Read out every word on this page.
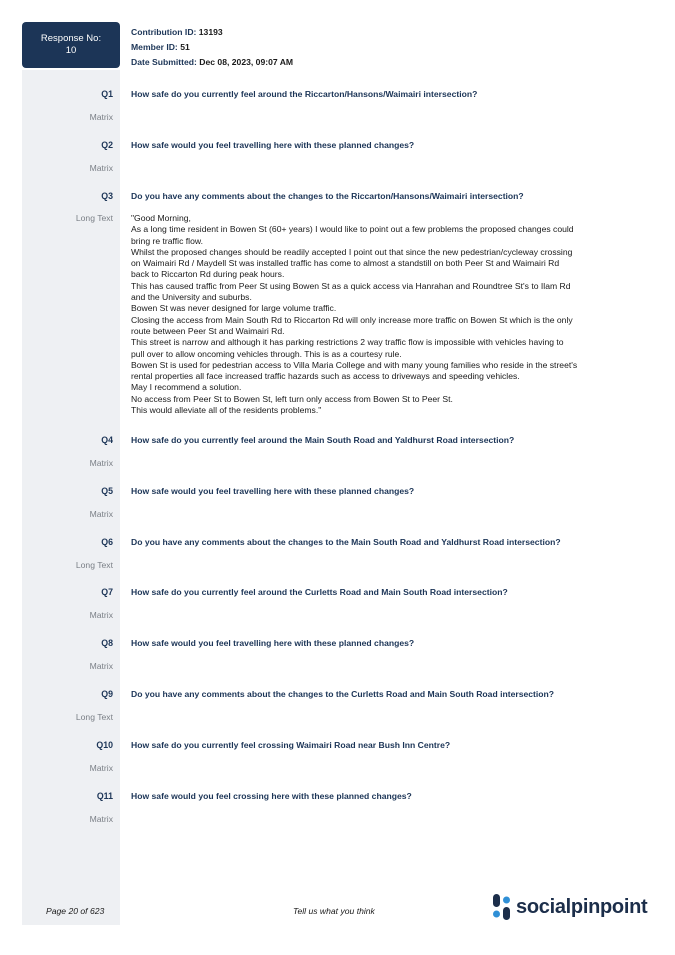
Response No:
10
Contribution ID: 13193
Member ID: 51
Date Submitted: Dec 08, 2023, 09:07 AM
Q1 How safe do you currently feel around the Riccarton/Hansons/Waimairi intersection?
Matrix
Q2 How safe would you feel travelling here with these planned changes?
Matrix
Q3 Do you have any comments about the changes to the Riccarton/Hansons/Waimairi intersection?
Long Text "Good Morning,
As a long time resident in Bowen St (60+ years) I would like to point out a few problems the proposed changes could
bring re traffic flow.
Whilst the proposed changes should be readily accepted I point out that since the new pedestrian/cycleway crossing
on Waimairi Rd / Maydell St was installed traffic has come to almost a standstill on both Peer St and Waimairi Rd
back to Riccarton Rd during peak hours.
This has caused traffic from Peer St using Bowen St as a quick access via Hanrahan and Roundtree St's to Ilam Rd
and the University and suburbs.
Bowen St was never designed for large volume traffic.
Closing the access from Main South Rd to Riccarton Rd will only increase more traffic on Bowen St which is the only
route between Peer St and Waimairi Rd.
This street is narrow and although it has parking restrictions 2 way traffic flow is impossible with vehicles having to
pull over to allow oncoming vehicles through. This is as a courtesy rule.
Bowen St is used for pedestrian access to Villa Maria College and with many young families who reside in the street's
rental properties all face increased traffic hazards such as access to driveways and speeding vehicles.
May I recommend a solution.
No access from Peer St to Bowen St, left turn only access from Bowen St to Peer St.
This would alleviate all of the residents problems."
Q4 How safe do you currently feel around the Main South Road and Yaldhurst Road intersection?
Matrix
Q5 How safe would you feel travelling here with these planned changes?
Matrix
Q6 Do you have any comments about the changes to the Main South Road and Yaldhurst Road intersection?
Long Text
Q7 How safe do you currently feel around the Curletts Road and Main South Road intersection?
Matrix
Q8 How safe would you feel travelling here with these planned changes?
Matrix
Q9 Do you have any comments about the changes to the Curletts Road and Main South Road intersection?
Long Text
Q10 How safe do you currently feel crossing Waimairi Road near Bush Inn Centre?
Matrix
Q11 How safe would you feel crossing here with these planned changes?
Matrix
Page 20 of 623	Tell us what you think	socialpinpoint
